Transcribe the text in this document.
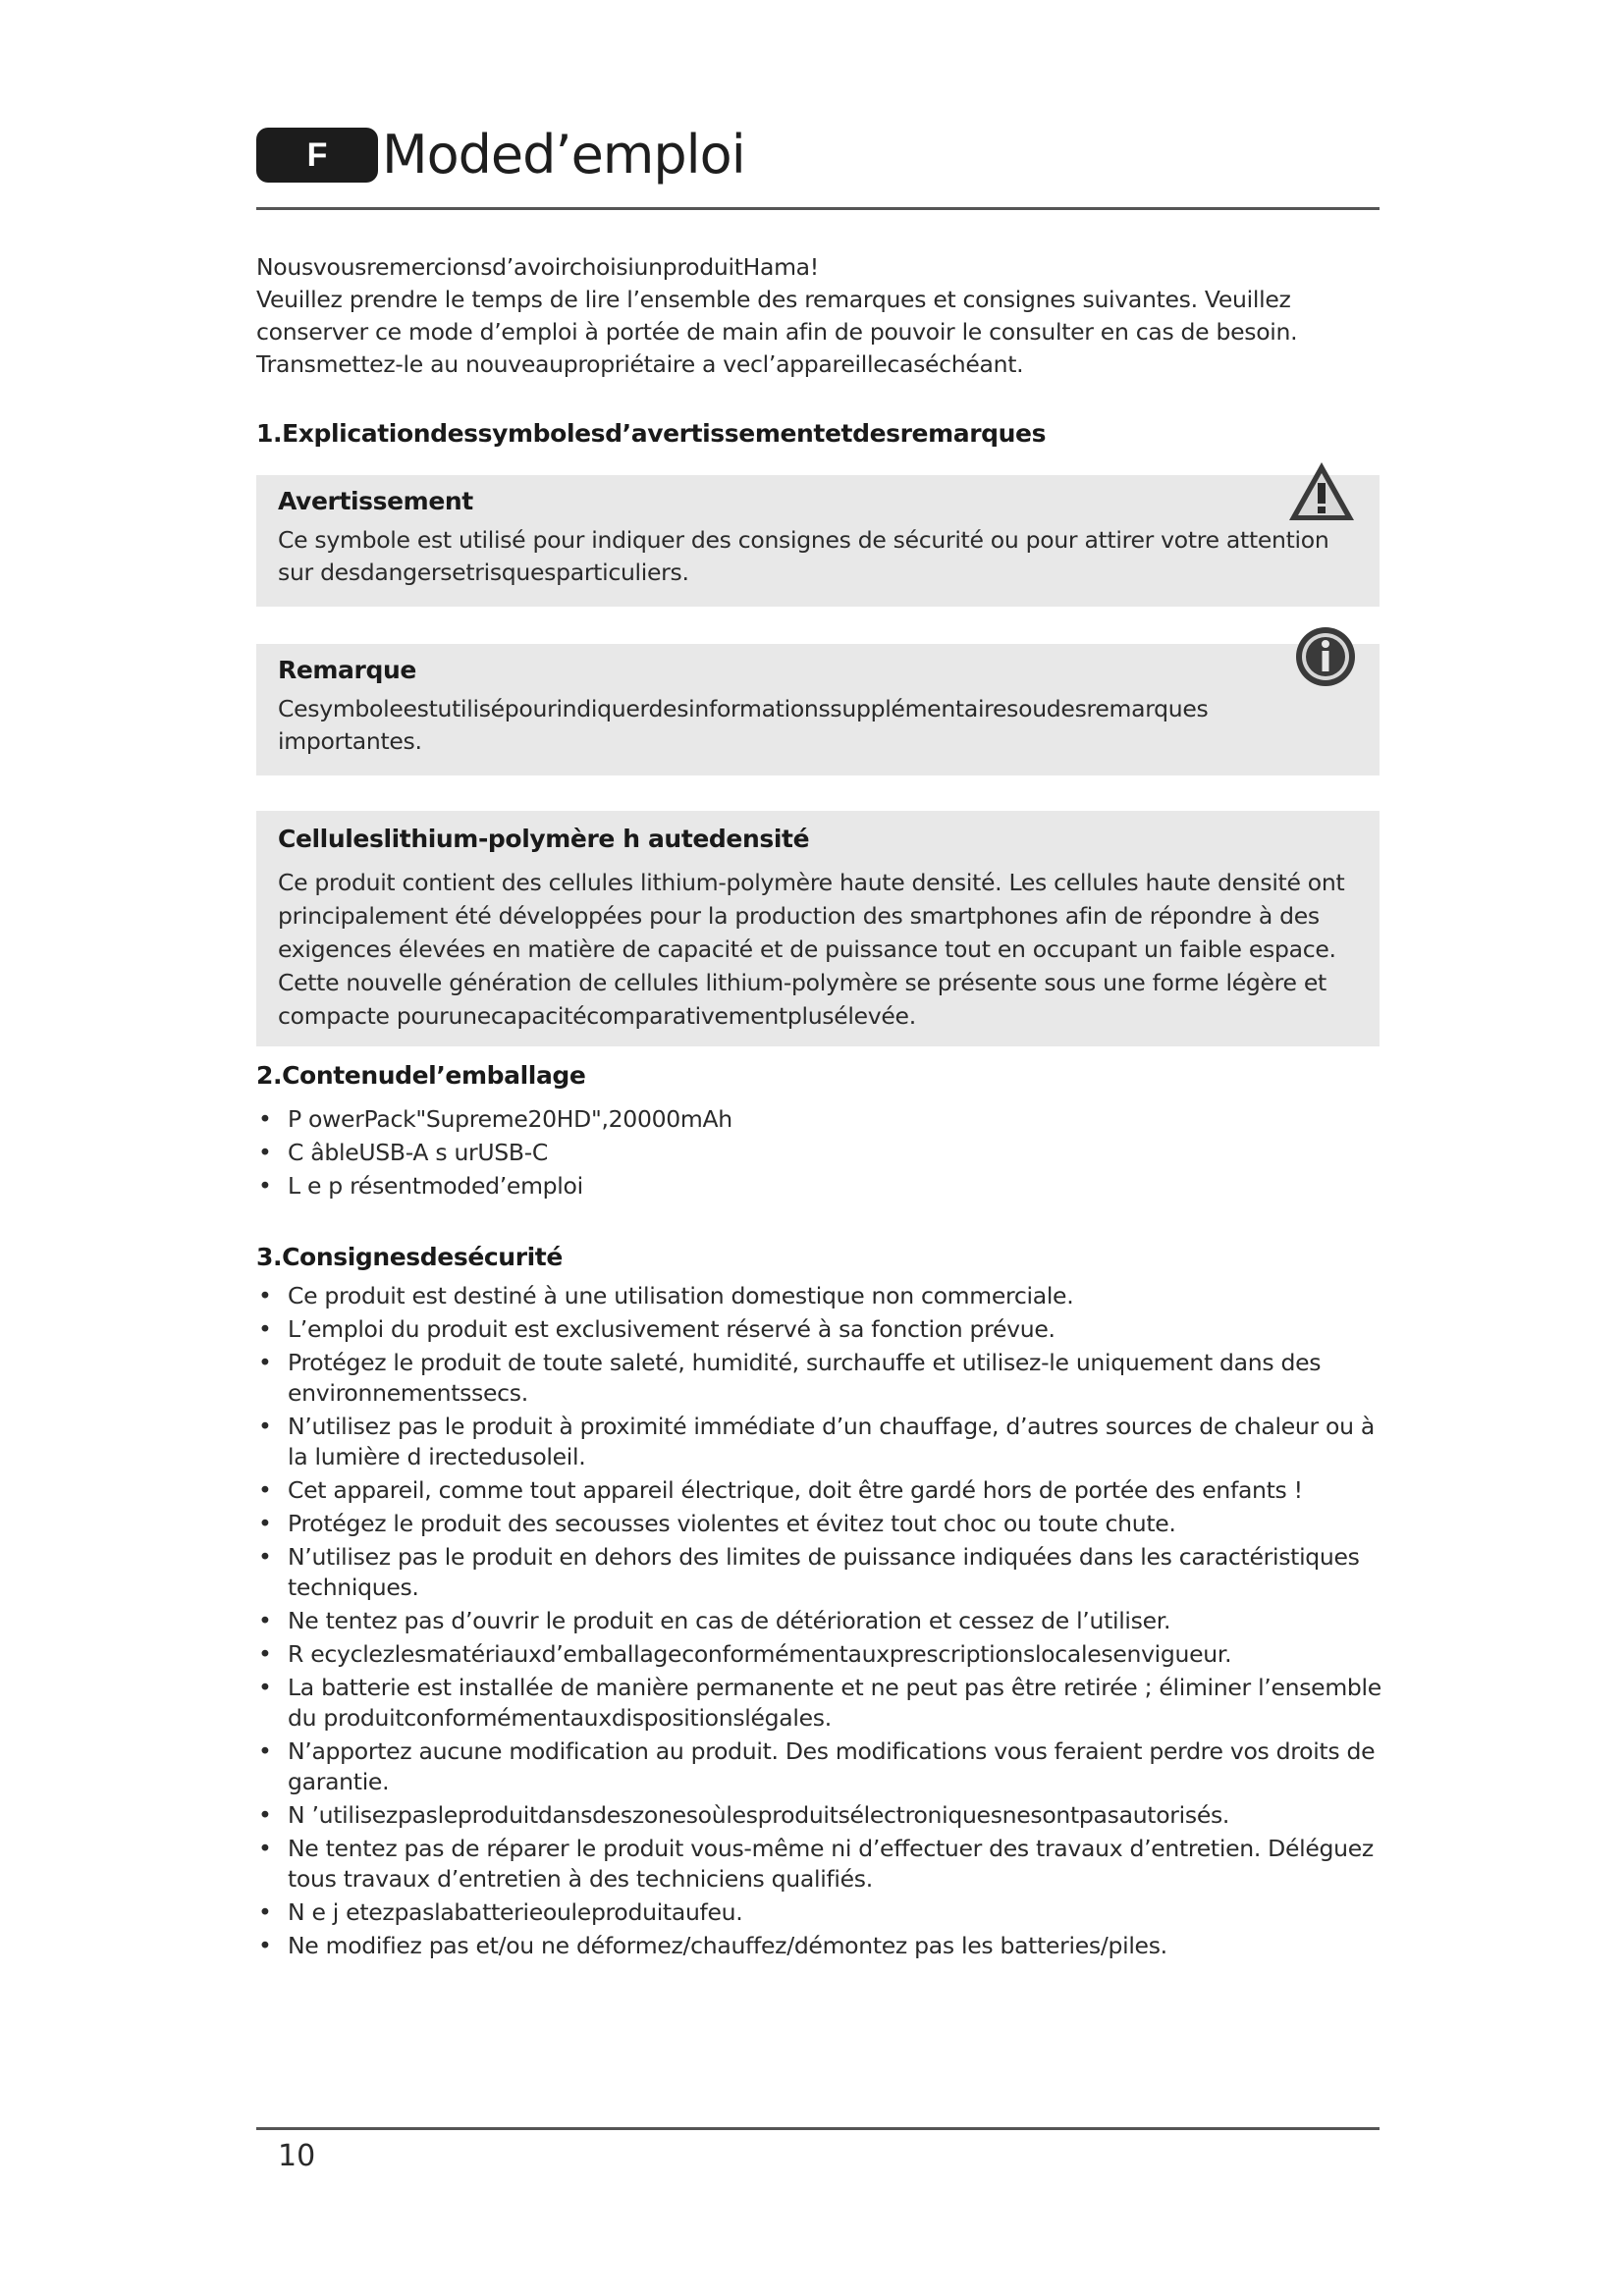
F	Moded’emploi

Nousvousremercionsd’avoirchoisiunproduitHama!

Veuillez prendre le temps de lire l’ensemble des remarques et consignes suivantes. Veuillez conserver ce mode d’emploi à portée de main afin de pouvoir le consulter en cas de besoin. Transmettez-le au nouveaupropriétaire a vecl’appareillecaséchéant.

1.Explicationdessymbolesd’avertissementetdesremarques
Avertissement

Ce symbole est utilisé pour indiquer des consignes de sécurité ou pour attirer votre attention sur desdangersetrisquesparticuliers.

Remarque

Cesymboleestutilisépourindiquerdesinformationssupplémentairesoudesremarques importantes.

Celluleslithium-polymère h autedensité

Ce produit contient des cellules lithium-polymère haute densité. Les cellules haute densité ont principalement été développées pour la production des smartphones afin de répondre à des exigences élevées en matière de capacité et de puissance tout en occupant un faible espace. Cette nouvelle génération de cellules lithium-polymère se présente sous une forme légère et compacte pourunecapacitécomparativementplusélevée.

2.Contenudel’emballage
• P owerPack"Supreme20HD",20000mAh
• C âbleUSB-A s urUSB-C
• L e p résentmoded’emploi
3.Consignesdesécurité
• Ce produit est destiné à une utilisation domestique non commerciale.
• L’emploi du produit est exclusivement réservé à sa fonction prévue.
• Protégez le produit de toute saleté, humidité, surchauffe et utilisez-le uniquement dans des environnementssecs.
• N’utilisez pas le produit à proximité immédiate d’un chauffage, d’autres sources de chaleur ou à la lumière d irectedusoleil.
• Cet appareil, comme tout appareil électrique, doit être gardé hors de portée des enfants !
• Protégez le produit des secousses violentes et évitez tout choc ou toute chute.
• N’utilisez pas le produit en dehors des limites de puissance indiquées dans les caractéristiques techniques.
• Ne tentez pas d’ouvrir le produit en cas de détérioration et cessez de l’utiliser.
• R ecyclezlesmatériauxd’emballageconformémentauxprescriptionslocalesenvigueur.
• La batterie est installée de manière permanente et ne peut pas être retirée ; éliminer l’ensemble du produitconformémentauxdispositionslégales.
• N’apportez aucune modification au produit. Des modifications vous feraient perdre vos droits de garantie.
• N ’utilisezpasleproduitdansdeszonesoùlesproduitsélectroniquesnesontpasautorisés.
• Ne tentez pas de réparer le produit vous-même ni d’effectuer des travaux d’entretien. Déléguez tous travaux d’entretien à des techniciens qualifiés.
• N e j etezpaslabatterieouleproduitaufeu.
• Ne modifiez pas et/ou ne déformez/chauffez/démontez pas les batteries/piles.
10
